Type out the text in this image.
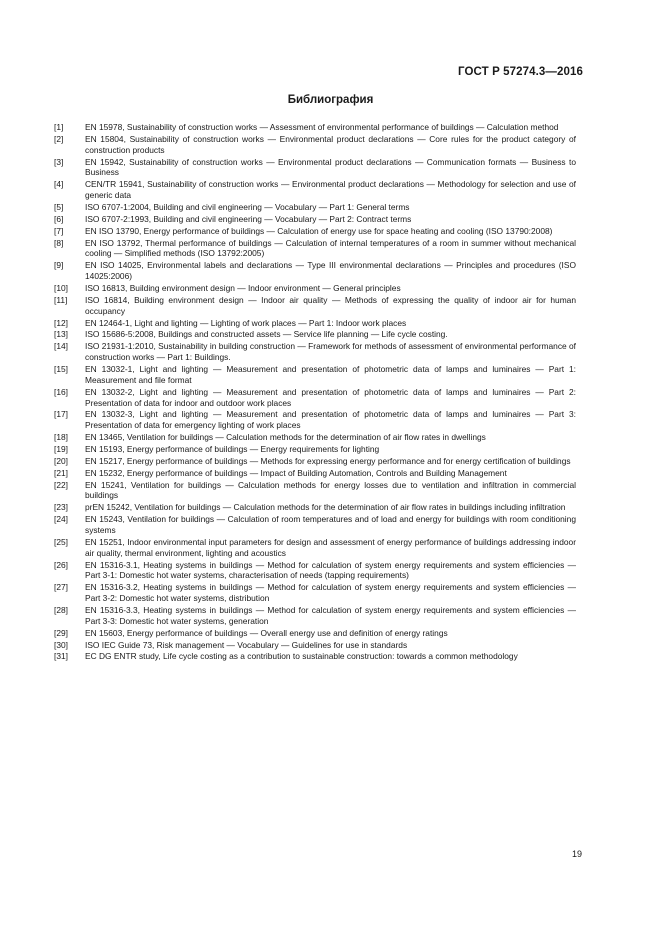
ГОСТ Р 57274.3—2016
Библиография
[1]	EN 15978, Sustainability of construction works — Assessment of environmental performance of buildings — Calculation method
[2]	EN 15804, Sustainability of construction works — Environmental product declarations — Core rules for the product category of construction products
[3]	EN 15942, Sustainability of construction works — Environmental product declarations — Communication formats — Business to Business
[4]	CEN/TR 15941, Sustainability of construction works — Environmental product declarations — Methodology for selection and use of generic data
[5]	ISO 6707-1:2004, Building and civil engineering — Vocabulary — Part 1: General terms
[6]	ISO 6707-2:1993, Building and civil engineering — Vocabulary — Part 2: Contract terms
[7]	EN ISO 13790, Energy performance of buildings — Calculation of energy use for space heating and cooling (ISO 13790:2008)
[8]	EN ISO 13792, Thermal performance of buildings — Calculation of internal temperatures of a room in summer without mechanical cooling — Simplified methods (ISO 13792:2005)
[9]	EN ISO 14025, Environmental labels and declarations — Type III environmental declarations — Principles and procedures (ISO 14025:2006)
[10]	ISO 16813, Building environment design — Indoor environment — General principles
[11]	ISO 16814, Building environment design — Indoor air quality — Methods of expressing the quality of indoor air for human occupancy
[12]	EN 12464-1, Light and lighting — Lighting of work places — Part 1: Indoor work places
[13]	ISO 15686-5:2008, Buildings and constructed assets — Service life planning — Life cycle costing.
[14]	ISO 21931-1:2010, Sustainability in building construction — Framework for methods of assessment of environmental performance of construction works — Part 1: Buildings.
[15]	EN 13032-1, Light and lighting — Measurement and presentation of photometric data of lamps and luminaires — Part 1: Measurement and file format
[16]	EN 13032-2, Light and lighting — Measurement and presentation of photometric data of lamps and luminaires — Part 2: Presentation of data for indoor and outdoor work places
[17]	EN 13032-3, Light and lighting — Measurement and presentation of photometric data of lamps and luminaires — Part 3: Presentation of data for emergency lighting of work places
[18]	EN 13465, Ventilation for buildings — Calculation methods for the determination of air flow rates in dwellings
[19]	EN 15193, Energy performance of buildings — Energy requirements for lighting
[20]	EN 15217, Energy performance of buildings — Methods for expressing energy performance and for energy certification of buildings
[21]	EN 15232, Energy performance of buildings — Impact of Building Automation, Controls and Building Management
[22]	EN 15241, Ventilation for buildings — Calculation methods for energy losses due to ventilation and infiltration in commercial buildings
[23]	prEN 15242, Ventilation for buildings — Calculation methods for the determination of air flow rates in buildings including infiltration
[24]	EN 15243, Ventilation for buildings — Calculation of room temperatures and of load and energy for buildings with room conditioning systems
[25]	EN 15251, Indoor environmental input parameters for design and assessment of energy performance of buildings addressing indoor air quality, thermal environment, lighting and acoustics
[26]	EN 15316-3.1, Heating systems in buildings — Method for calculation of system energy requirements and system efficiencies — Part 3-1: Domestic hot water systems, characterisation of needs (tapping requirements)
[27]	EN 15316-3.2, Heating systems in buildings — Method for calculation of system energy requirements and system efficiencies — Part 3-2: Domestic hot water systems, distribution
[28]	EN 15316-3.3, Heating systems in buildings — Method for calculation of system energy requirements and system efficiencies — Part 3-3: Domestic hot water systems, generation
[29]	EN 15603, Energy performance of buildings — Overall energy use and definition of energy ratings
[30]	ISO IEC Guide 73, Risk management — Vocabulary — Guidelines for use in standards
[31]	EC DG ENTR study, Life cycle costing as a contribution to sustainable construction: towards a common methodology
19
